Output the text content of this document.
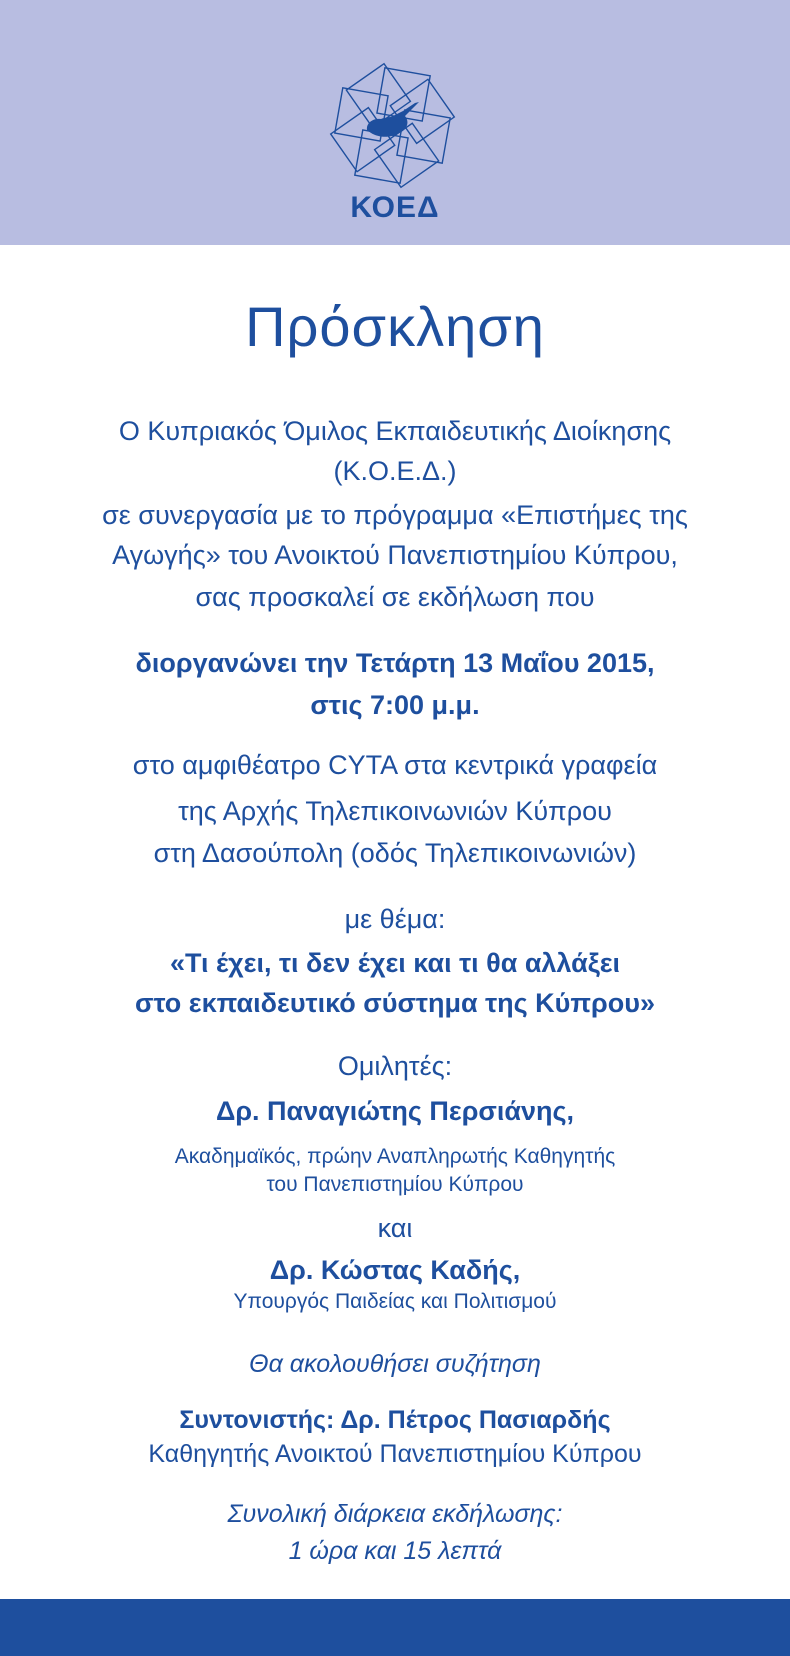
ΚΟΕΔ
Πρόσκληση
Ο Κυπριακός Όμιλος Εκπαιδευτικής Διοίκησης
(Κ.Ο.Ε.Δ.)
σε συνεργασία με το πρόγραμμα «Επιστήμες της
Αγωγής» του Ανοικτού Πανεπιστημίου Κύπρου,
σας προσκαλεί σε εκδήλωση που
διοργανώνει την Τετάρτη 13 Μαΐου 2015,
στις 7:00 μ.μ.
στο αμφιθέατρο CYTA στα κεντρικά γραφεία
της Αρχής Τηλεπικοινωνιών Κύπρου
στη Δασούπολη (οδός Τηλεπικοινωνιών)
με θέμα:
«Τι έχει, τι δεν έχει και τι θα αλλάξει
στο εκπαιδευτικό σύστημα της Κύπρου»
Ομιλητές:
Δρ. Παναγιώτης Περσιάνης,
Ακαδημαϊκός, πρώην Αναπληρωτής Καθηγητής
του Πανεπιστημίου Κύπρου
και
Δρ. Κώστας Καδής,
Υπουργός Παιδείας και Πολιτισμού
Θα ακολουθήσει συζήτηση
Συντονιστής: Δρ. Πέτρος Πασιαρδής
Καθηγητής Ανοικτού Πανεπιστημίου Κύπρου
Συνολική διάρκεια εκδήλωσης:
1 ώρα και 15 λεπτά
